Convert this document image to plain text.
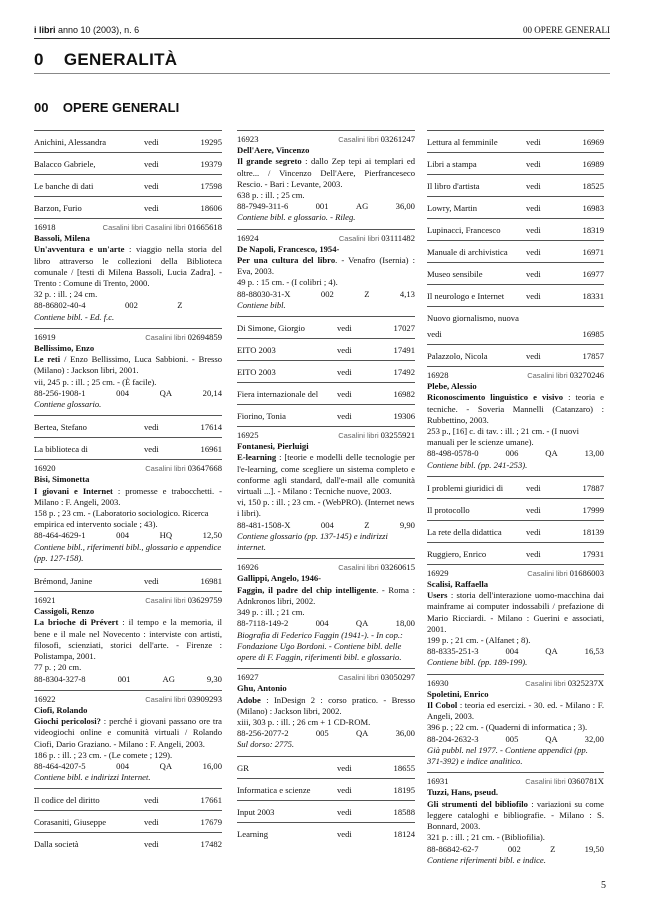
i libri anno 10 (2003), n. 6	00 OPERE GENERALI
0    GENERALITÀ
00    OPERE GENERALI
Anichini, Alessandra	vedi	19295
Balacco Gabriele,	vedi	19379
Le banche di dati	vedi	17598
Barzon, Furio	vedi	18606
16918	Casalini libri Casalini libri 01665618
Bassoli, Milena
Un'avventura e un'arte : viaggio nella storia del libro attraverso le collezioni della Biblioteca comunale / [testi di Milena Bassoli, Lucia Zadra]. - Trento : Comune di Trento, 2000.
32 p. : ill. ; 24 cm.
88-86802-40-4	002	Z
Contiene bibl. - Ed. f.c.
16919	Casalini libri 02694859
Bellissimo, Enzo
Le reti / Enzo Bellissimo, Luca Sabbioni. - Bresso (Milano) : Jackson libri, 2001.
vii, 245 p. : ill. ; 25 cm. - (È facile).
88-256-1908-1	004	QA	20,14
Contiene glossario.
Bertea, Stefano	vedi	17614
La biblioteca di	vedi	16961
16920	Casalini libri 03647668
Bisi, Simonetta
I giovani e Internet : promesse e trabocchetti. - Milano : F. Angeli, 2003.
158 p. ; 23 cm. - (Laboratorio sociologico. Ricerca empirica ed intervento sociale ; 43).
88-464-4629-1	004	HQ	12,50
Contiene bibl., riferimenti bibl., glossario e appendice (pp. 127-158).
Brémond, Janine	vedi	16981
16921	Casalini libri 03629759
Cassigoli, Renzo
La brioche di Prévert : il tempo e la memoria, il bene e il male nel Novecento : interviste con artisti, filosofi, scienziati, storici dell'arte. - Firenze : Polistampa, 2001.
77 p. ; 20 cm.
88-8304-327-8	001	AG	9,30
16922	Casalini libri 03909293
Ciofi, Rolando
Giochi pericolosi? : perché i giovani passano ore tra videogiochi online e comunità virtuali / Rolando Ciofi, Dario Graziano. - Milano : F. Angeli, 2003.
186 p. : ill. ; 23 cm. - (Le comete ; 129).
88-464-4207-5	004	QA	16,00
Contiene bibl. e indirizzi Internet.
Il codice del diritto	vedi	17661
Corasaniti, Giuseppe	vedi	17679
Dalla società	vedi	17482
16923	Casalini libri 03261247
Dell'Aere, Vincenzo
Il grande segreto : dallo Zep tepi ai templari ed oltre... / Vincenzo Dell'Aere, Pierfranceseco Rescio. - Bari : Levante, 2003.
638 p. : ill. ; 25 cm.
88-7949-311-6	001	AG	36,00
Contiene bibl. e glossario. - Rileg.
16924	Casalini libri 03111482
De Napoli, Francesco, 1954-
Per una cultura del libro. - Venafro (Isernia) : Eva, 2003.
49 p. : 15 cm. - (I colibri ; 4).
88-88030-31-X	002	Z	4,13
Contiene bibl.
Di Simone, Giorgio	vedi	17027
EITO 2003	vedi	17491
EITO 2003	vedi	17492
Fiera internazionale del	vedi	16982
Fiorino, Tonia	vedi	19306
16925	Casalini libri 03255921
Fontanesi, Pierluigi
E-learning : [teorie e modelli delle tecnologie per l'e-learning, come scegliere un sistema completo e conforme agli standard, dall'e-mail alle comunità virtuali ...]. - Milano : Tecniche nuove, 2003.
vi, 150 p. : ill. ; 23 cm. - (WebPRO). (Internet news i libri).
88-481-1508-X	004	Z	9,90
Contiene glossario (pp. 137-145) e indirizzi internet.
16926	Casalini libri 03260615
Gallippi, Angelo, 1946-
Faggin, il padre del chip intelligente. - Roma : Adnkronos libri, 2002.
349 p. : ill. ; 21 cm.
88-7118-149-2	004	QA	18,00
Biografia di Federico Faggin (1941-). - In cop.: Fondazione Ugo Bordoni. - Contiene bibl. delle opere di F. Faggin, riferimenti bibl. e glossario.
16927	Casalini libri 03050297
Ghu, Antonio
Adobe : InDesign 2 : corso pratico. - Bresso (Milano) : Jackson libri, 2002.
xiii, 303 p. : ill. ; 26 cm + 1 CD-ROM.
88-256-2077-2	005	QA	36,00
Sul dorso: 2775.
GR	vedi	18655
Informatica e scienze	vedi	18195
Input 2003	vedi	18588
Learning	vedi	18124
Lettura al femminile	vedi	16969
Libri a stampa	vedi	16989
Il libro d'artista	vedi	18525
Lowry, Martin	vedi	16983
Lupinacci, Francesco	vedi	18319
Manuale di archivistica	vedi	16971
Museo sensibile	vedi	16977
Il neurologo e Internet	vedi	18331
Nuovo giornalismo, nuova
vedi	16985
Palazzolo, Nicola	vedi	17857
16928	Casalini libri 03270246
Plebe, Alessio
Riconoscimento linguistico e visivo : teoria e tecniche. - Soveria Mannelli (Catanzaro) : Rubbettino, 2003.
253 p., [16] c. di tav. : ill. ; 21 cm. - (I nuovi manuali per le scienze umane).
88-498-0578-0	006	QA	13,00
Contiene bibl. (pp. 241-253).
I problemi giuridici di	vedi	17887
Il protocollo	vedi	17999
La rete della didattica	vedi	18139
Ruggiero, Enrico	vedi	17931
16929	Casalini libri 01686003
Scalisi, Raffaella
Users : storia dell'interazione uomo-macchina dai mainframe ai computer indossabili / prefazione di Mario Ricciardi. - Milano : Guerini e associati, 2001.
199 p. ; 21 cm. - (Alfanet ; 8).
88-8335-251-3	004	QA	16,53
Contiene bibl. (pp. 189-199).
16930	Casalini libri 0325237X
Spoletini, Enrico
Il Cobol : teoria ed esercizi. - 30. ed. - Milano : F. Angeli, 2003.
396 p. ; 22 cm. - (Quaderni di informatica ; 3).
88-204-2632-3	005	QA	32,00
Già pubbl. nel 1977. - Contiene appendici (pp. 371-392) e indice analitico.
16931	Casalini libri 0360781X
Tuzzi, Hans, pseud.
Gli strumenti del bibliofilo : variazioni su come leggere cataloghi e bibliografie. - Milano : S. Bonnard, 2003.
321 p. : ill. ; 21 cm. - (Bibliofilia).
88-86842-62-7	002	Z	19,50
Contiene riferimenti bibl. e indice.
5
